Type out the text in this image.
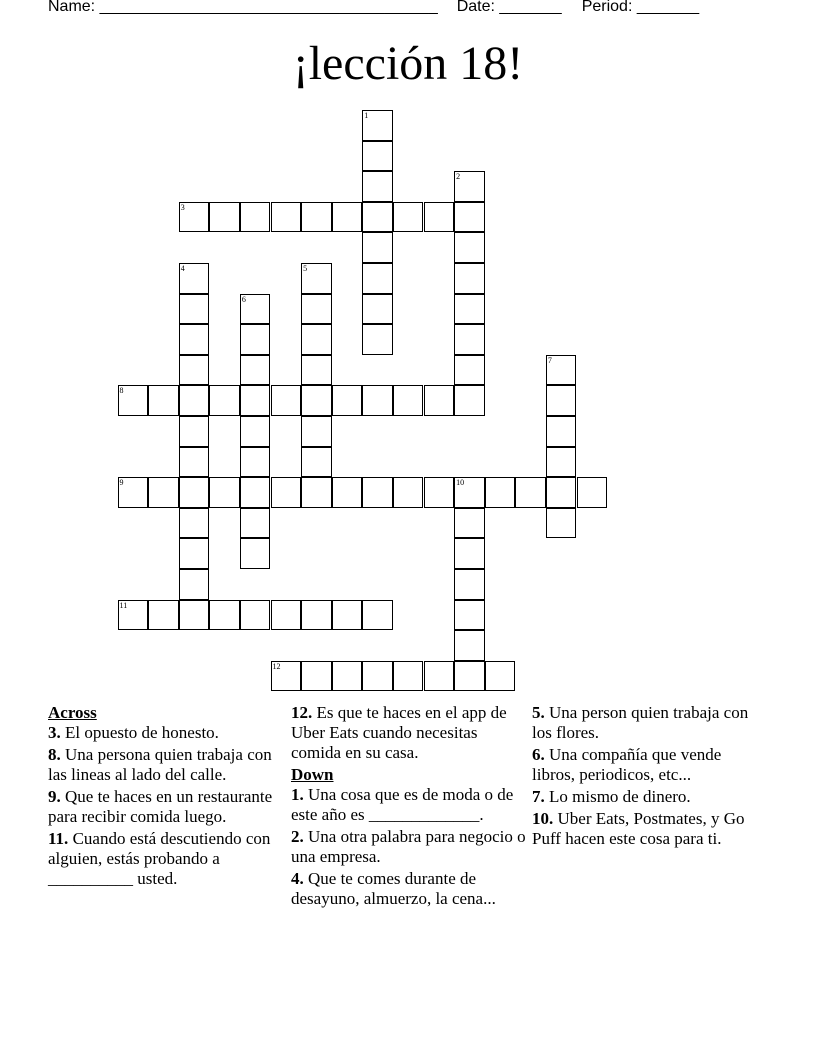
Name: ______________________________________ Date: _______ Period: _______
¡lección 18!
1
2
3
4	5
6
7
8
9	10
11
12

Across

3. El opuesto de honesto.

8. Una persona quien trabaja con las lineas al lado del calle.

9. Que te haces en un restaurante para recibir comida luego.

11. Cuando está descutiendo con alguien, estás probando a __________ usted.

12. Es que te haces en el app de Uber Eats cuando necesitas comida en su casa.

Down

1. Una cosa que es de moda o de este año es _____________.

2. Una otra palabra para negocio o una empresa.

4. Que te comes durante de desayuno, almuerzo, la cena...

5. Una person quien trabaja con los flores.

6. Una compañía que vende libros, periodicos, etc...

7. Lo mismo de dinero.

10. Uber Eats, Postmates, y Go Puff hacen este cosa para ti.
